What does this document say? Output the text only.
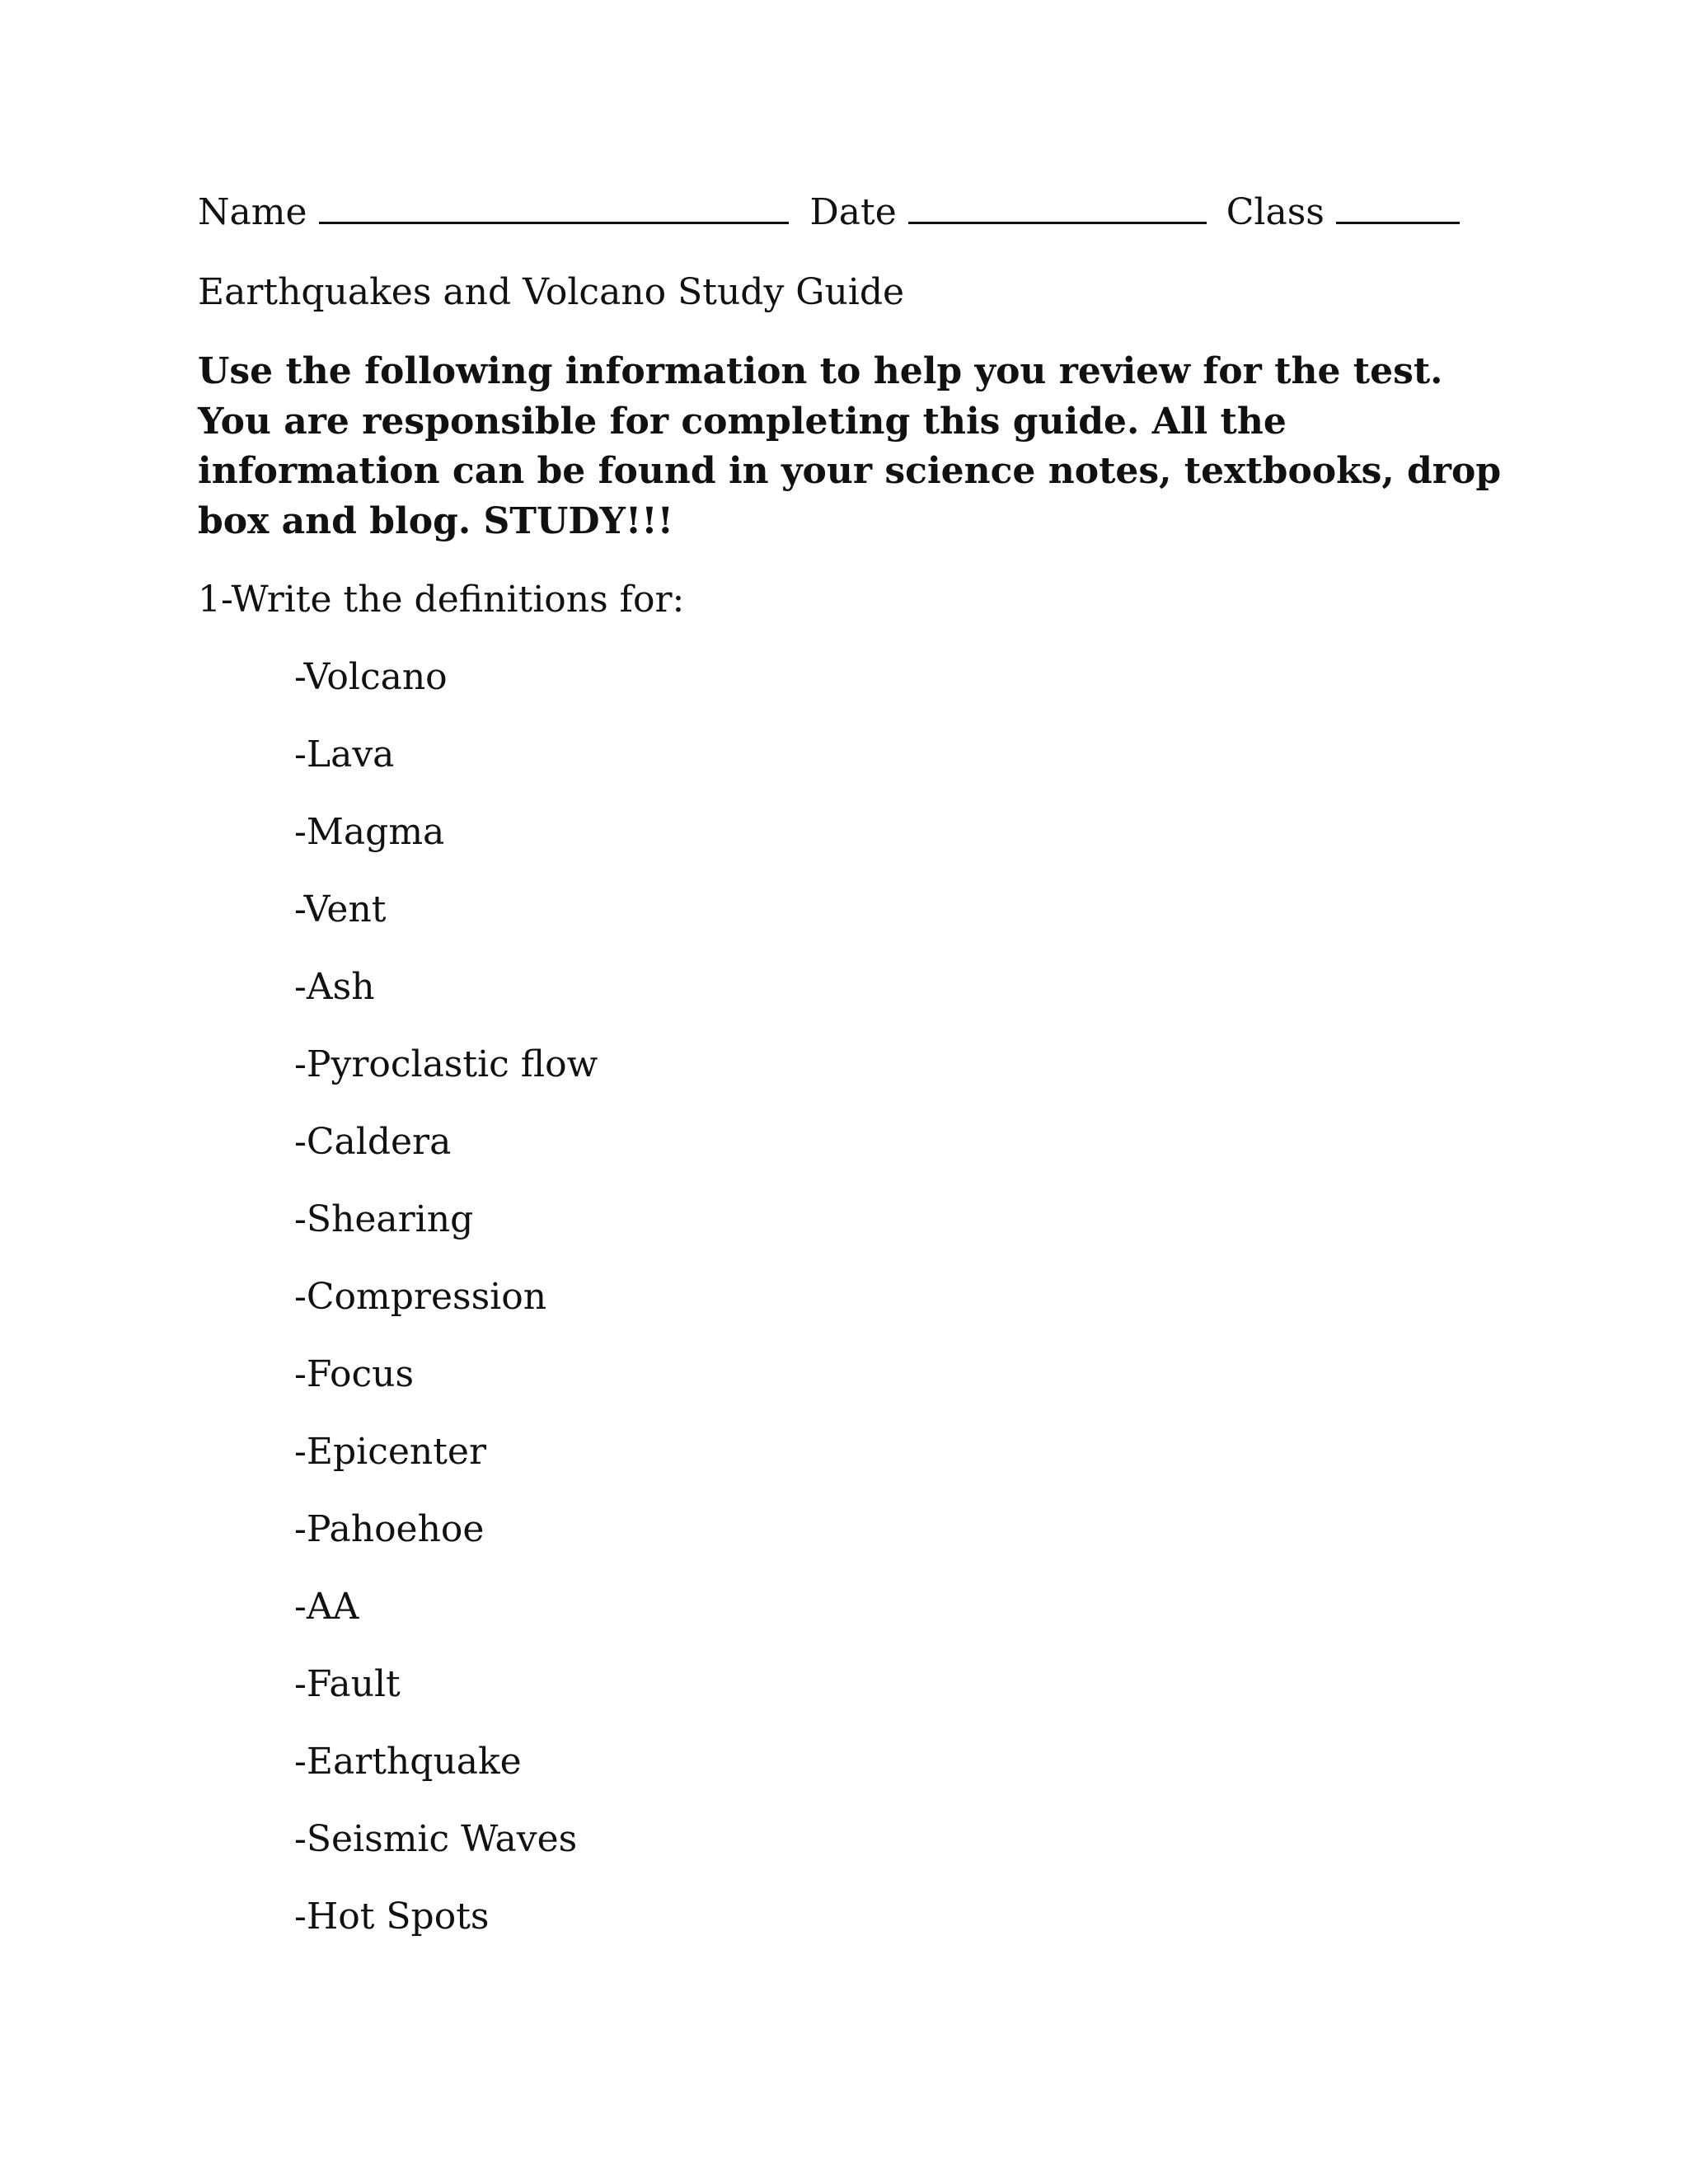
Name	Date	Class
Earthquakes and Volcano Study Guide
Use the following information to help you review for the test.
You are responsible for completing this guide. All the
information can be found in your science notes, textbooks, drop
box and blog. STUDY!!!
1-Write the definitions for:
-Volcano
-Lava
-Magma
-Vent
-Ash
-Pyroclastic flow
-Caldera
-Shearing
-Compression
-Focus
-Epicenter
-Pahoehoe
-AA
-Fault
-Earthquake
-Seismic Waves
-Hot Spots
